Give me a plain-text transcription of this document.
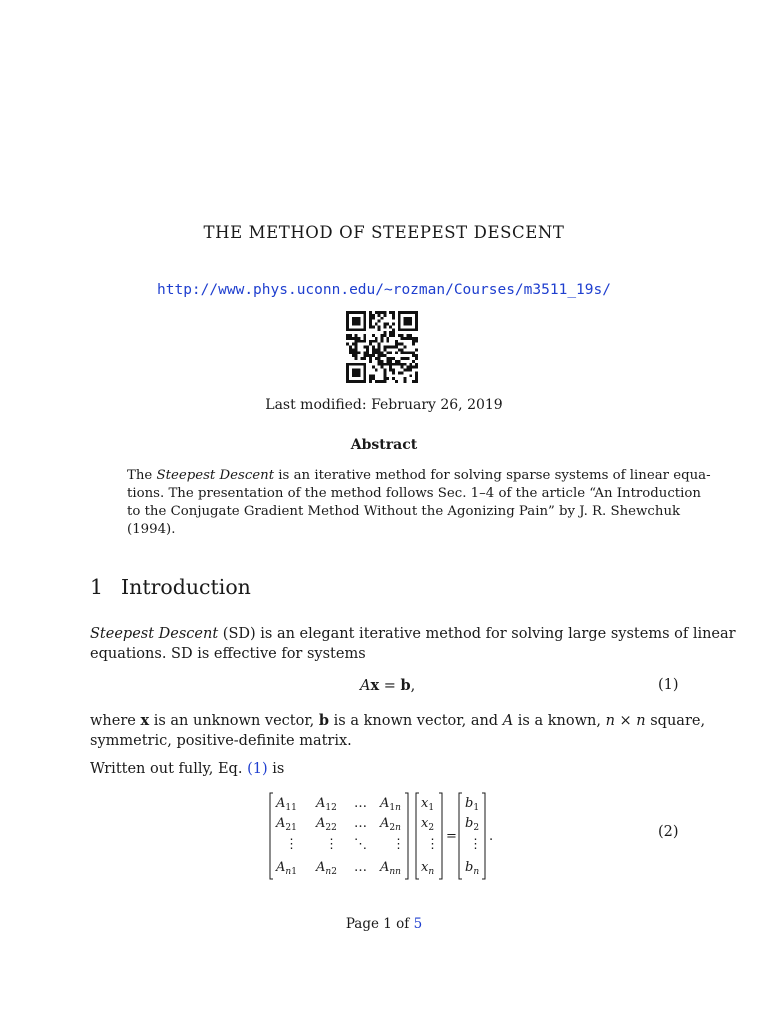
THE METHOD OF STEEPEST DESCENT
http://www.phys.uconn.edu/~rozman/Courses/m3511_19s/
Last modified: February 26, 2019
Abstract
The Steepest Descent is an iterative method for solving sparse systems of linear equa-
tions. The presentation of the method follows Sec. 1–4 of the article “An Introduction
to the Conjugate Gradient Method Without the Agonizing Pain” by J. R. Shewchuk
(1994).
1 Introduction
Steepest Descent (SD) is an elegant iterative method for solving large systems of linear
equations. SD is effective for systems
Ax = b,	(1)
where x is an unknown vector, b is a known vector, and A is a known, n × n square,
symmetric, positive-definite matrix.
Written out fully, Eq. (1) is
$A_{11}$ $A_{12}$ … $A_1n$
$A_{21}$ $A_{22}$ … $A_2n$
⋮ ⋮ ⋱ ⋮
$A_n1$ $A_n2$ … $A_{nn}$
$x_1$
$x_2$
⋮
$x_n$
=
$b_1$
$b_2$
⋮
$b_n$
.	(2)
Page 1 of 5
